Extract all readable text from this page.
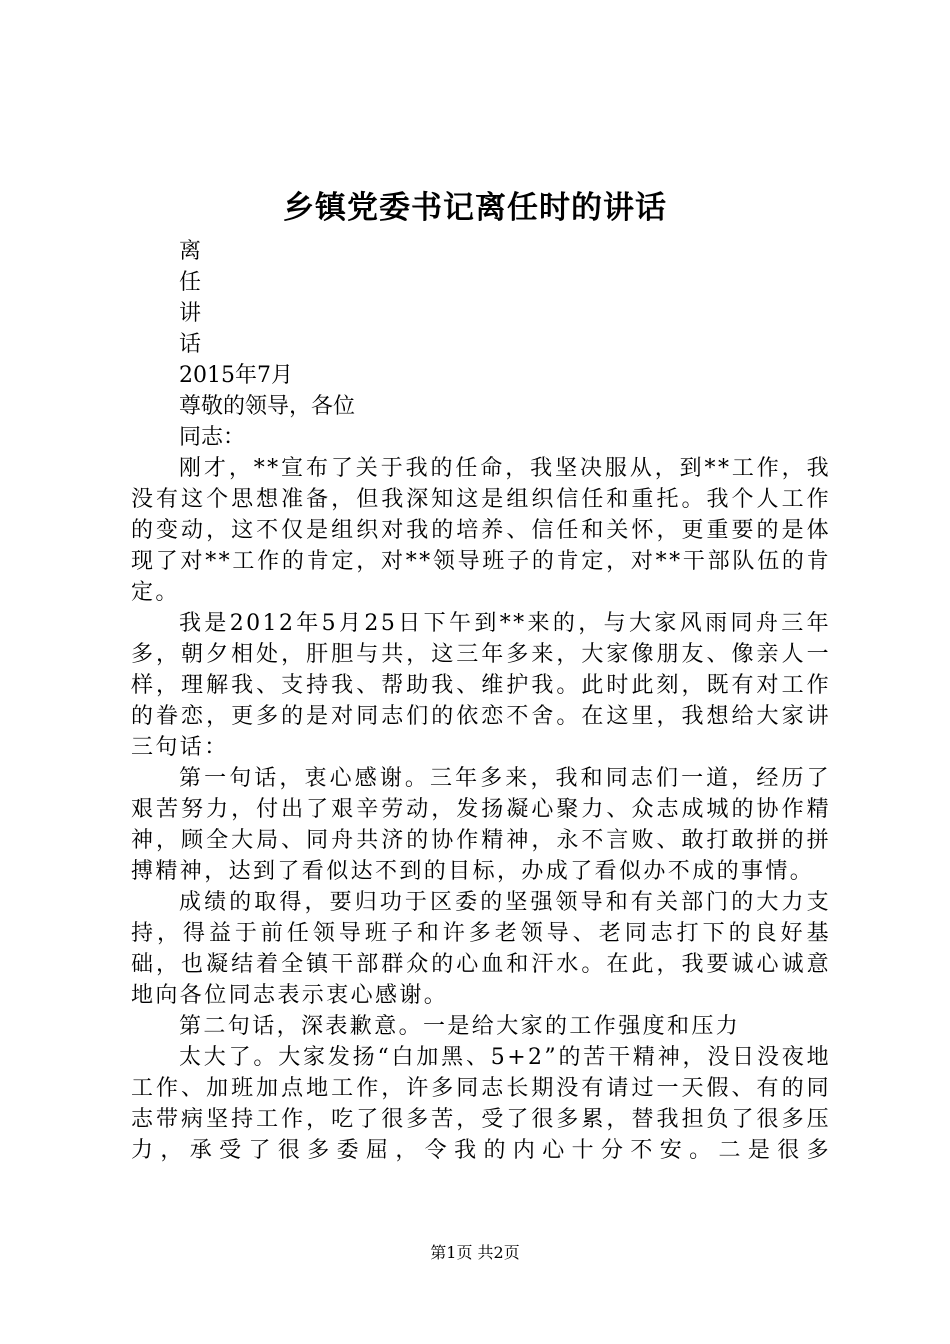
乡镇党委书记离任时的讲话
离
任
讲
话
2015年7月
尊敬的领导，各位
同志：

刚才，**宣布了关于我的任命，我坚决服从，到**工作，我没有这个思想准备，但我深知这是组织信任和重托。我个人工作的变动，这不仅是组织对我的培养、信任和关怀，更重要的是体现了对**工作的肯定，对**领导班子的肯定，对**干部队伍的肯定。

我是2012年5月25日下午到**来的，与大家风雨同舟三年多，朝夕相处，肝胆与共，这三年多来，大家像朋友、像亲人一样，理解我、支持我、帮助我、维护我。此时此刻，既有对工作的眷恋，更多的是对同志们的依恋不舍。在这里，我想给大家讲三句话：

第一句话，衷心感谢。三年多来，我和同志们一道，经历了艰苦努力，付出了艰辛劳动，发扬凝心聚力、众志成城的协作精神，顾全大局、同舟共济的协作精神，永不言败、敢打敢拼的拼搏精神，达到了看似达不到的目标，办成了看似办不成的事情。

成绩的取得，要归功于区委的坚强领导和有关部门的大力支持，得益于前任领导班子和许多老领导、老同志打下的良好基础，也凝结着全镇干部群众的心血和汗水。在此，我要诚心诚意地向各位同志表示衷心感谢。

第二句话，深表歉意。一是给大家的工作强度和压力

太大了。大家发扬“白加黑、5+2”的苦干精神，没日没夜地工作、加班加点地工作，许多同志长期没有请过一天假、有的同志带病坚持工作，吃了很多苦，受了很多累，替我担负了很多压力，承受了很多委屈，令我的内心十分不安。二是很多

第1页 共2页
